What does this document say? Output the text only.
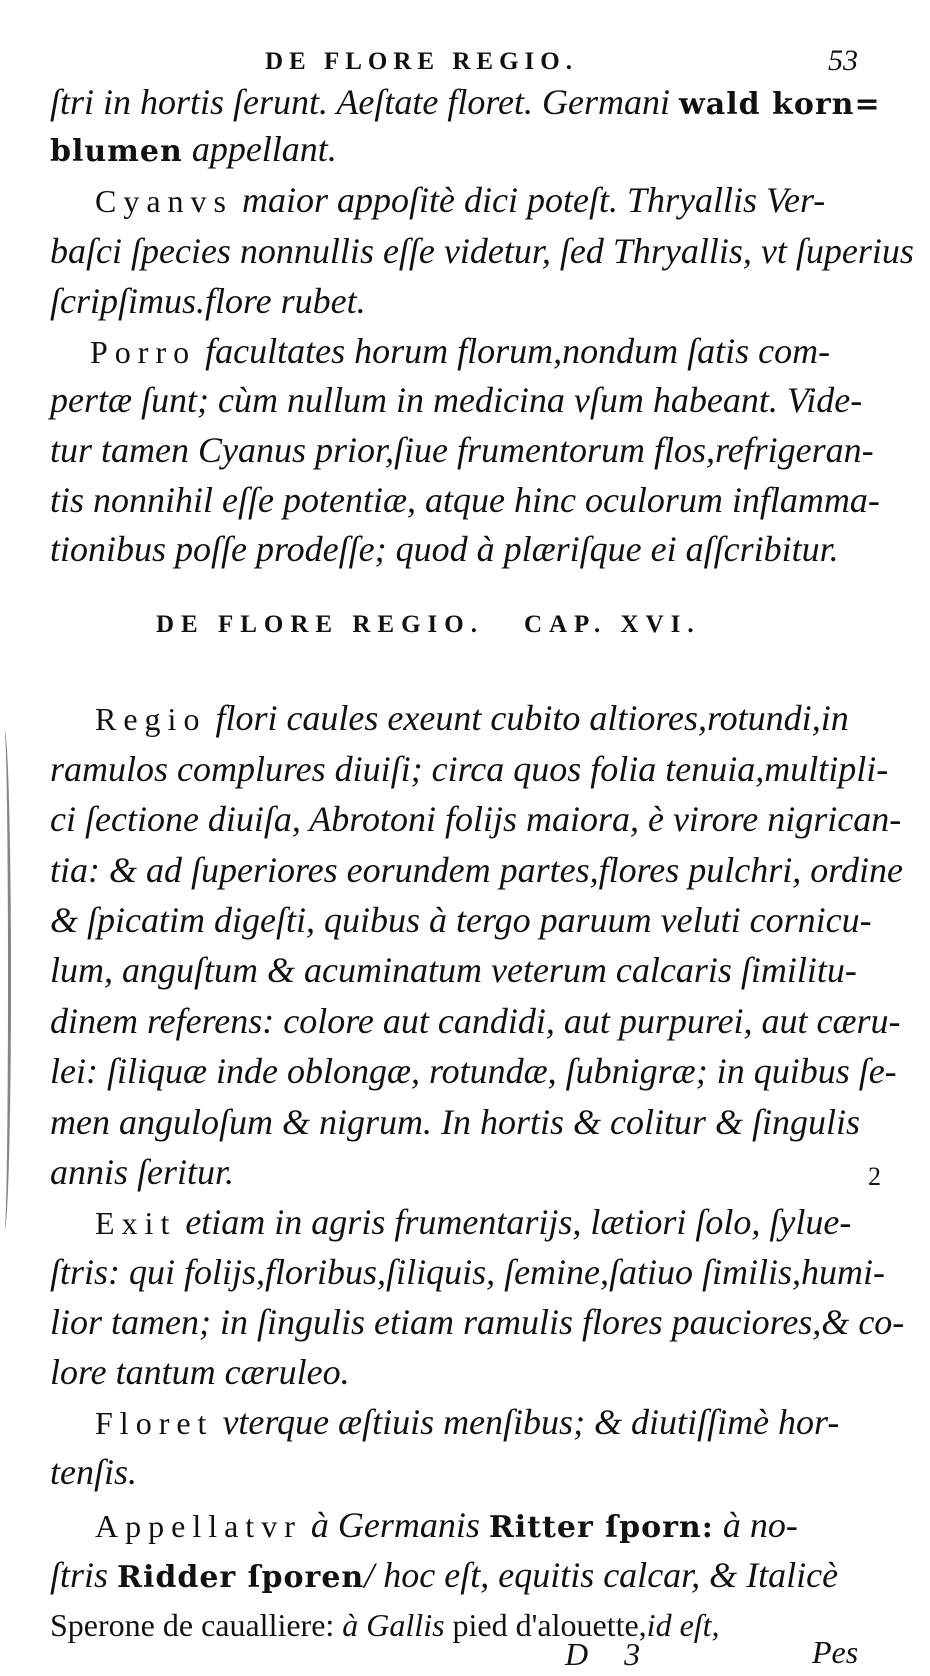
DE FLORE REGIO.	53
ſtri in hortis ſerunt. Aeſtate floret. Germani wald korn=
blumen appellant.
Cyanvs maior appoſitè dici poteſt. Thryallis Ver-
baſci ſpecies nonnullis eſſe videtur, ſed Thryallis, vt ſuperius
ſcripſimus.flore rubet.
Porro facultates horum florum,nondum ſatis com-
pertæ ſunt; cùm nullum in medicina vſum habeant. Vide-
tur tamen Cyanus prior,ſiue frumentorum flos,refrigeran-
tis nonnihil eſſe potentiæ, atque hinc oculorum inflamma-
tionibus poſſe prodeſſe; quod à plæriſque ei aſſcribitur.
DE FLORE REGIO. CAP. XVI.
Regio flori caules exeunt cubito altiores,rotundi,in
ramulos complures diuiſi; circa quos folia tenuia,multipli-
ci ſectione diuiſa, Abrotoni folijs maiora, è virore nigrican-
tia: & ad ſuperiores eorundem partes,flores pulchri, ordine
& ſpicatim digeſti, quibus à tergo paruum veluti cornicu-
lum, anguſtum & acuminatum veterum calcaris ſimilitu-
dinem referens: colore aut candidi, aut purpurei, aut cæru-
lei: ſiliquæ inde oblongæ, rotundæ, ſubnigræ; in quibus ſe-
men anguloſum & nigrum. In hortis & colitur & ſingulis
annis ſeritur.
Exit etiam in agris frumentarijs, lætiori ſolo, ſylue-
ſtris: qui folijs,floribus,ſiliquis, ſemine,ſatiuo ſimilis,humi-
lior tamen; in ſingulis etiam ramulis flores pauciores,& co-
lore tantum cæruleo.
Floret vterque æſtiuis menſibus; & diutiſſimè hor-
tenſis.
Appellatvr à Germanis Ritter ſporn: à no-
ſtris Ridder ſporen/ hoc eſt, equitis calcar, & Italicè
Sperone de caualliere: à Gallis pied d'alouette,id eſt,
2
D 3	Pes
